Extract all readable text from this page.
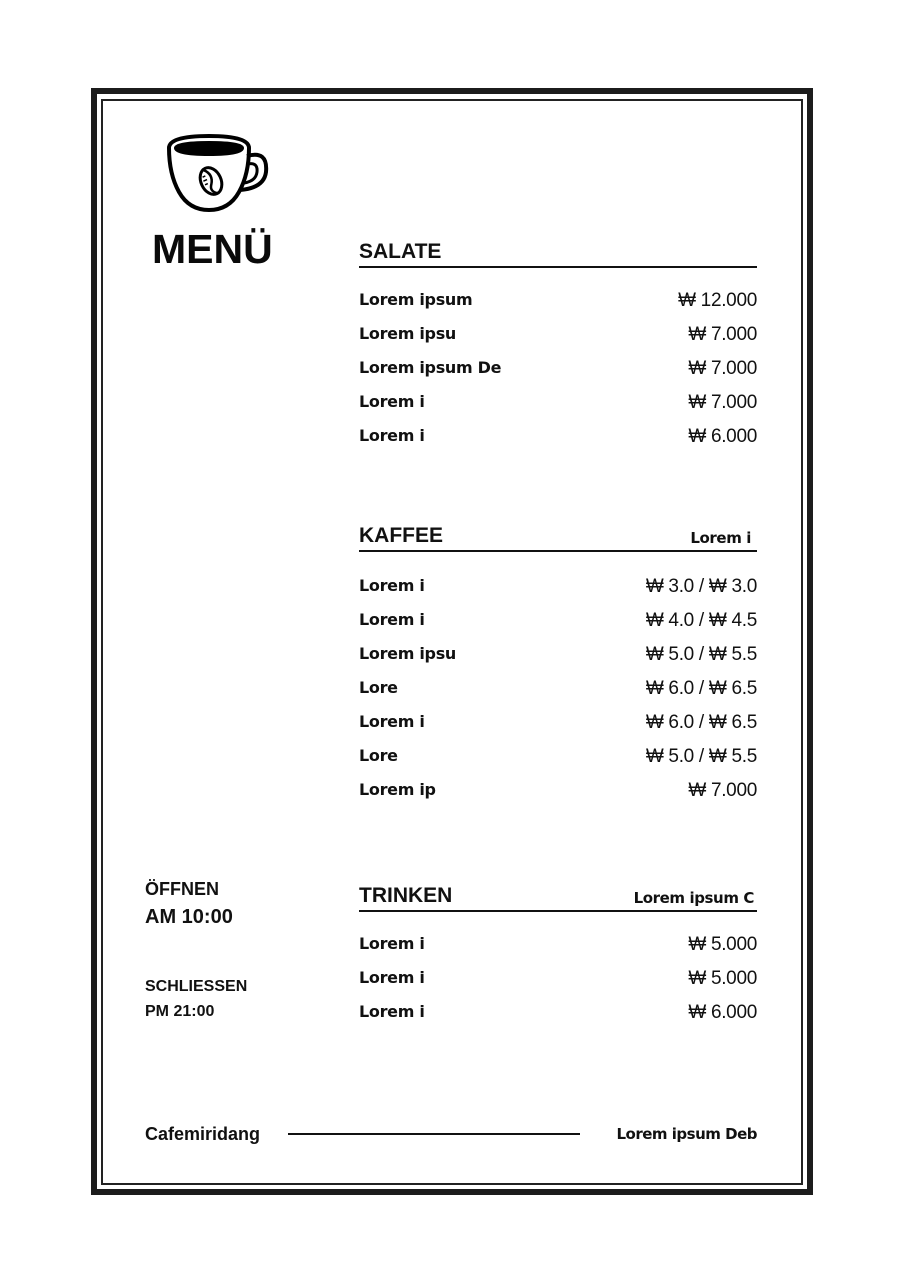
MENÜ	SALATE
Lorem ipsum	₩ 12.000
Lorem ipsu	₩ 7.000
Lorem ipsum De	₩ 7.000
Lorem i	₩ 7.000
Lorem i	₩ 6.000
KAFFEE	Lorem i
Lorem i	₩ 3.0 / ₩ 3.0
Lorem i	₩ 4.0 / ₩ 4.5
Lorem ipsu	₩ 5.0 / ₩ 5.5
Lore	₩ 6.0 / ₩ 6.5
Lorem i	₩ 6.0 / ₩ 6.5
Lore	₩ 5.0 / ₩ 5.5
Lorem ip	₩ 7.000
TRINKEN	Lorem ipsum C
Lorem i	₩ 5.000
Lorem i	₩ 5.000
Lorem i	₩ 6.000
ÖFFNEN
AM 10:00
SCHLIESSEN
PM 21:00
Cafemiridang	Lorem ipsum Deb
